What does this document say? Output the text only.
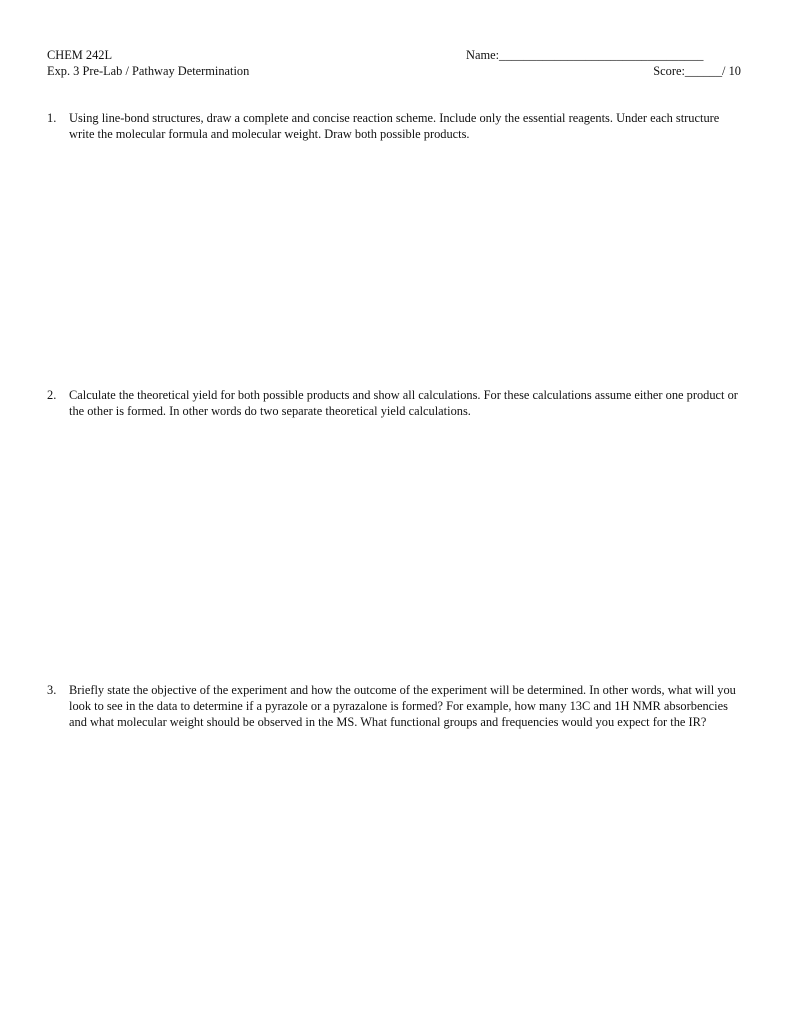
CHEM 242L
Exp. 3 Pre-Lab / Pathway Determination
Name:_________________________________
Score:______/ 10
1.	Using line-bond structures, draw a complete and concise reaction scheme. Include only the essential reagents. Under each structure write the molecular formula and molecular weight. Draw both possible products.
2.	Calculate the theoretical yield for both possible products and show all calculations. For these calculations assume either one product or the other is formed. In other words do two separate theoretical yield calculations.
3.	Briefly state the objective of the experiment and how the outcome of the experiment will be determined. In other words, what will you look to see in the data to determine if a pyrazole or a pyrazalone is formed? For example, how many 13C and 1H NMR absorbencies and what molecular weight should be observed in the MS. What functional groups and frequencies would you expect for the IR?
